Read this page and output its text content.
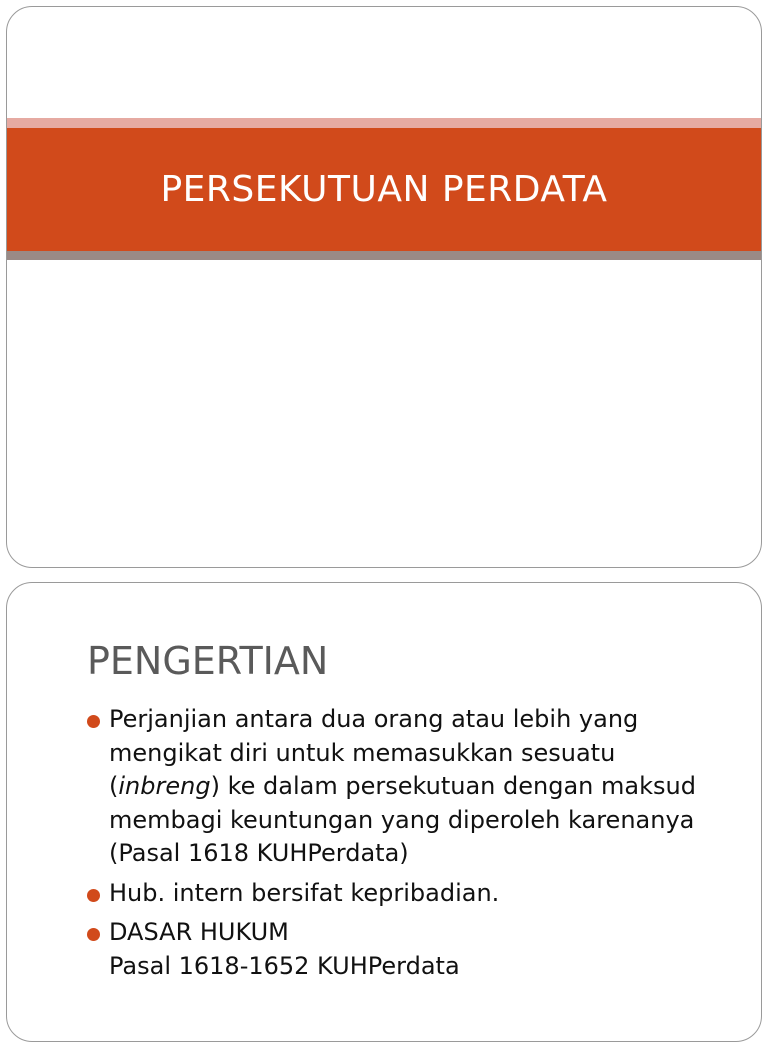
PERSEKUTUAN PERDATA
PENGERTIAN
Perjanjian antara dua orang atau lebih yang mengikat diri untuk memasukkan sesuatu (inbreng) ke dalam persekutuan dengan maksud membagi keuntungan yang diperoleh karenanya (Pasal 1618 KUHPerdata)
Hub. intern bersifat kepribadian.
DASAR HUKUM
Pasal 1618-1652 KUHPerdata
